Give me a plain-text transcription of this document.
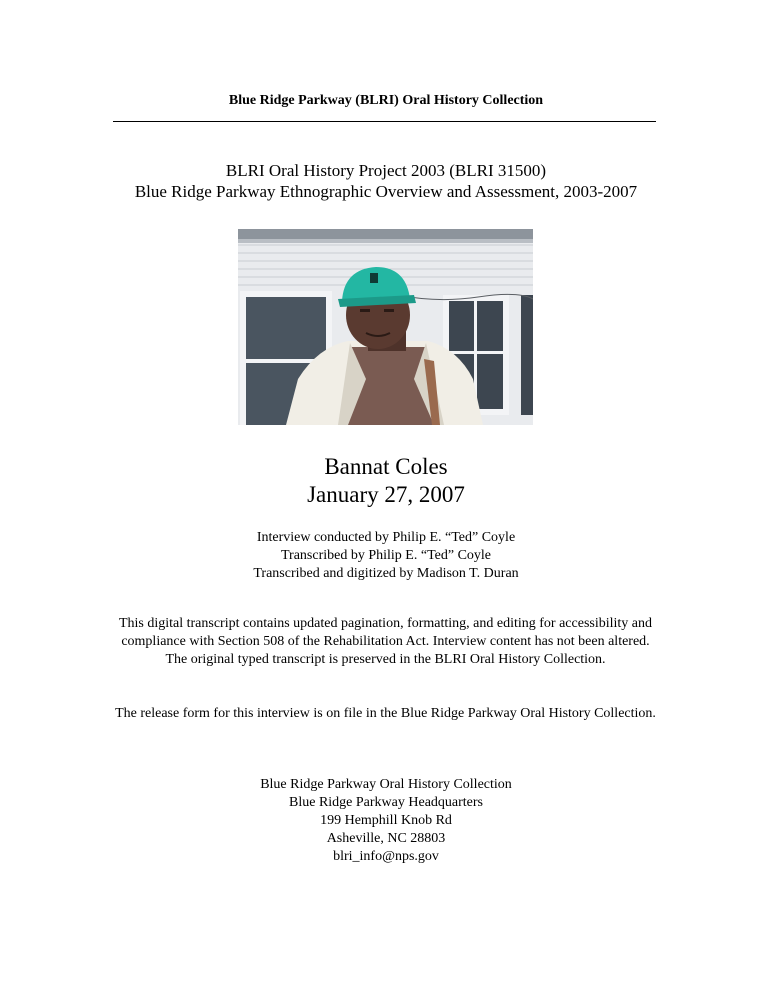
Blue Ridge Parkway (BLRI) Oral History Collection
BLRI Oral History Project 2003 (BLRI 31500)
Blue Ridge Parkway Ethnographic Overview and Assessment, 2003-2007
Bannat Coles
January 27, 2007
Interview conducted by Philip E. “Ted” Coyle
Transcribed by Philip E. “Ted” Coyle
Transcribed and digitized by Madison T. Duran
This digital transcript contains updated pagination, formatting, and editing for accessibility and compliance with Section 508 of the Rehabilitation Act. Interview content has not been altered. The original typed transcript is preserved in the BLRI Oral History Collection.
The release form for this interview is on file in the Blue Ridge Parkway Oral History Collection.
Blue Ridge Parkway Oral History Collection
Blue Ridge Parkway Headquarters
199 Hemphill Knob Rd
Asheville, NC 28803
blri_info@nps.gov
